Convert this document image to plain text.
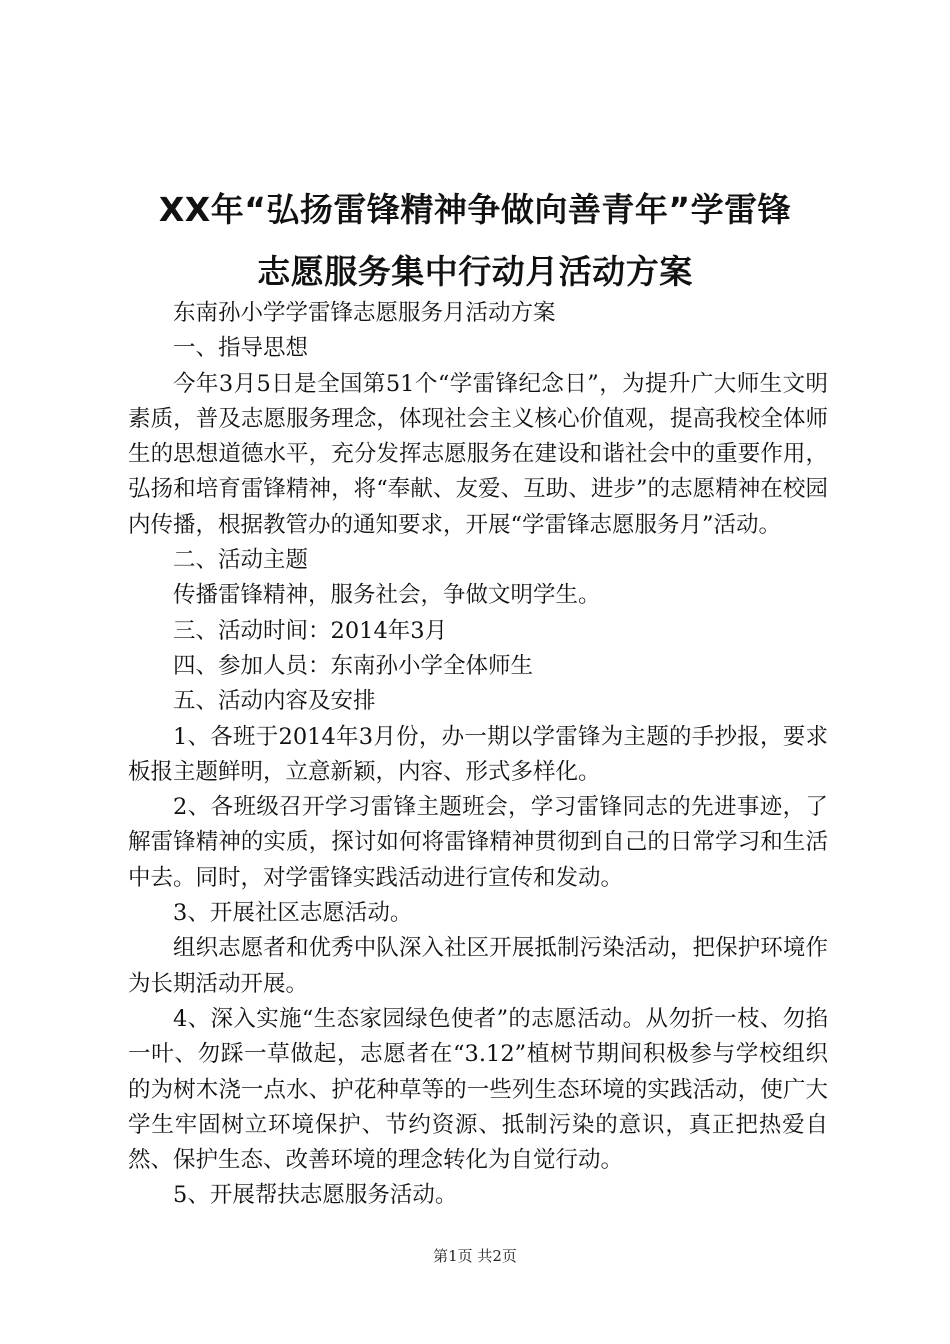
XX年“弘扬雷锋精神争做向善青年”学雷锋
志愿服务集中行动月活动方案

东南孙小学学雷锋志愿服务月活动方案

一、指导思想

今年3月5日是全国第51个“学雷锋纪念日”，为提升广大师生文明素质，普及志愿服务理念，体现社会主义核心价值观，提高我校全体师生的思想道德水平，充分发挥志愿服务在建设和谐社会中的重要作用，弘扬和培育雷锋精神，将“奉献、友爱、互助、进步”的志愿精神在校园内传播，根据教管办的通知要求，开展“学雷锋志愿服务月”活动。

二、活动主题

传播雷锋精神，服务社会，争做文明学生。

三、活动时间：2014年3月

四、参加人员：东南孙小学全体师生

五、活动内容及安排

1、各班于2014年3月份，办一期以学雷锋为主题的手抄报，要求板报主题鲜明，立意新颖，内容、形式多样化。

2、各班级召开学习雷锋主题班会，学习雷锋同志的先进事迹，了解雷锋精神的实质，探讨如何将雷锋精神贯彻到自己的日常学习和生活中去。同时，对学雷锋实践活动进行宣传和发动。

3、开展社区志愿活动。

组织志愿者和优秀中队深入社区开展抵制污染活动，把保护环境作为长期活动开展。

4、深入实施“生态家园绿色使者”的志愿活动。从勿折一枝、勿掐一叶、勿踩一草做起，志愿者在“3.12”植树节期间积极参与学校组织的为树木浇一点水、护花种草等的一些列生态环境的实践活动，使广大学生牢固树立环境保护、节约资源、抵制污染的意识，真正把热爱自然、保护生态、改善环境的理念转化为自觉行动。

5、开展帮扶志愿服务活动。

第1页 共2页
